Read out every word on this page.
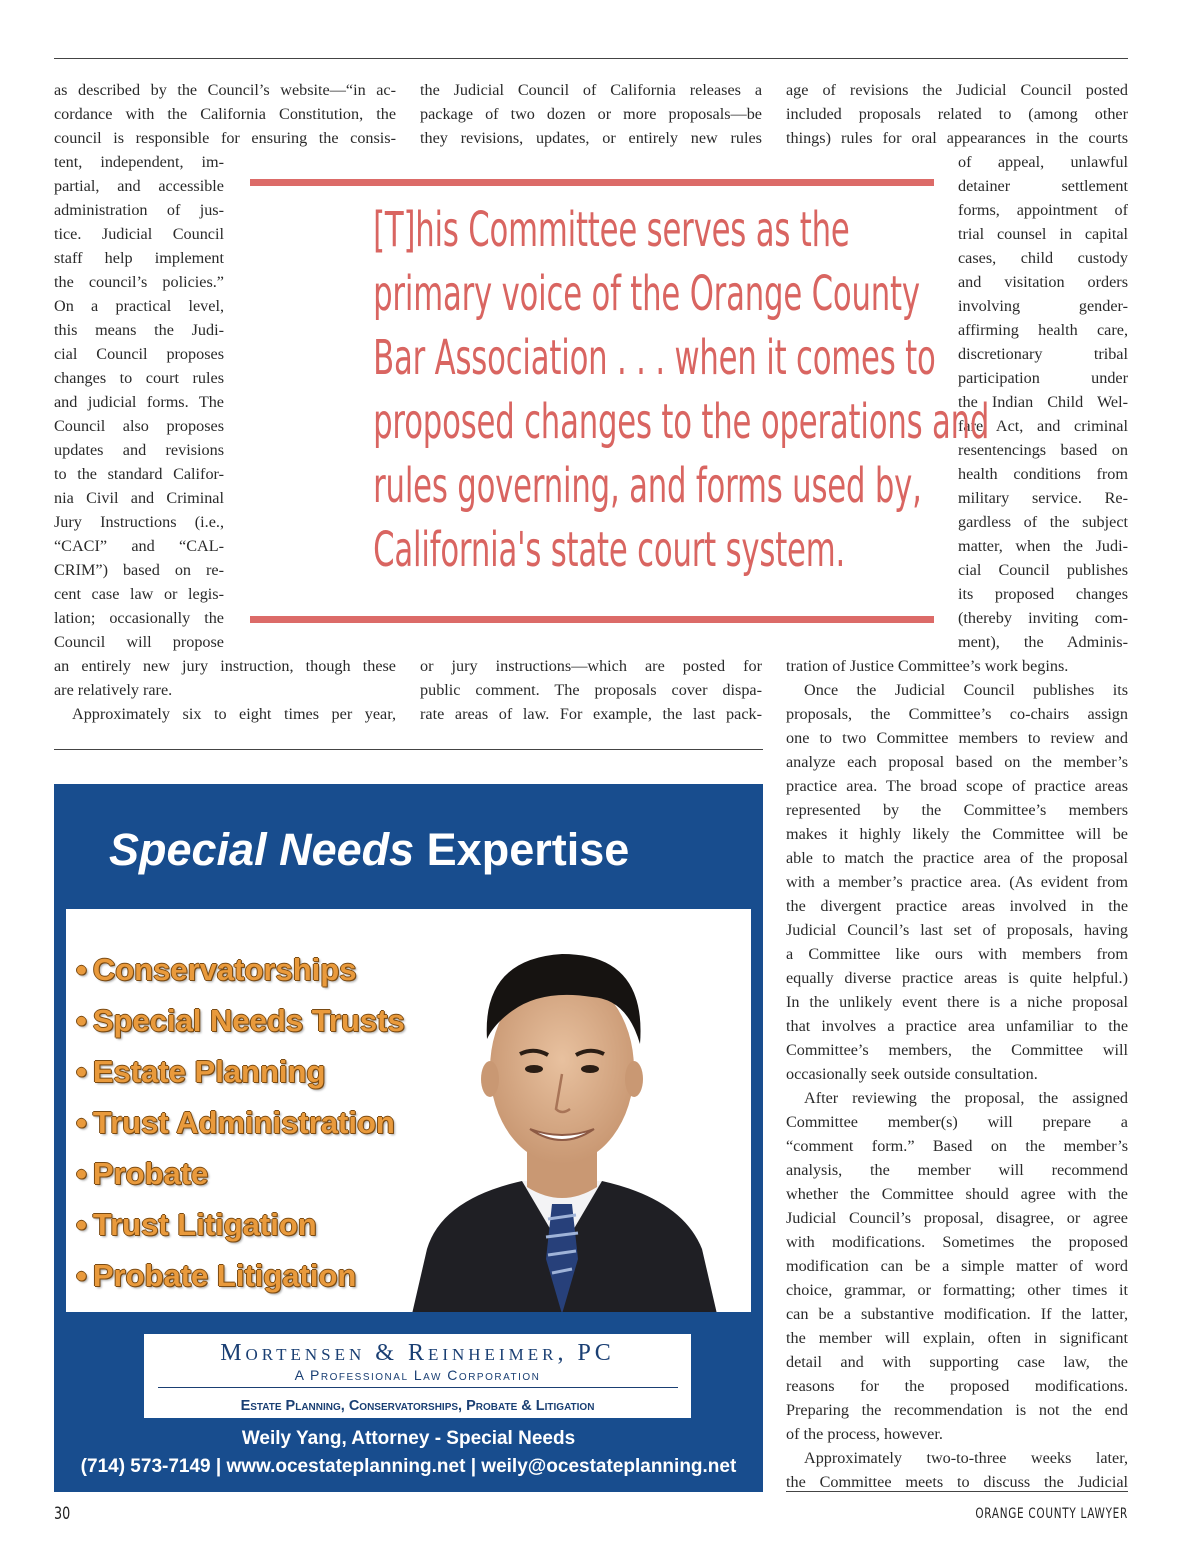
as described by the Council’s website—“in ac-
cordance with the California Constitution, the
council is responsible for ensuring the consis-
tent, independent, im-
partial, and accessible
administration of jus-
tice. Judicial Council
staff help implement
the council’s policies.”
On a practical level,
this means the Judi-
cial Council proposes
changes to court rules
and judicial forms. The
Council also proposes
updates and revisions
to the standard Califor-
nia Civil and Criminal
Jury Instructions (i.e.,
“CACI” and “CAL-
CRIM”) based on re-
cent case law or legis-
lation; occasionally the
Council will propose
an entirely new jury instruction, though these
are relatively rare.
Approximately six to eight times per year,
the Judicial Council of California releases a
package of two dozen or more proposals—be
they revisions, updates, or entirely new rules
or jury instructions—which are posted for
public comment. The proposals cover dispa-
rate areas of law. For example, the last pack-
age of revisions the Judicial Council posted
included proposals related to (among other
things) rules for oral appearances in the courts
of appeal, unlawful
detainer settlement
forms, appointment of
trial counsel in capital
cases, child custody
and visitation orders
involving gender-
affirming health care,
discretionary tribal
participation under
the Indian Child Wel-
fare Act, and criminal
resentencings based on
health conditions from
military service. Re-
gardless of the subject
matter, when the Judi-
cial Council publishes
its proposed changes
(thereby inviting com-
ment), the Adminis-
tration of Justice Committee’s work begins.
Once the Judicial Council publishes its
proposals, the Committee’s co-chairs assign
one to two Committee members to review and
analyze each proposal based on the member’s
practice area. The broad scope of practice areas
represented by the Committee’s members
makes it highly likely the Committee will be
able to match the practice area of the proposal
with a member’s practice area. (As evident from
the divergent practice areas involved in the
Judicial Council’s last set of proposals, having
a Committee like ours with members from
equally diverse practice areas is quite helpful.)
In the unlikely event there is a niche proposal
that involves a practice area unfamiliar to the
Committee’s members, the Committee will
occasionally seek outside consultation.
After reviewing the proposal, the assigned
Committee member(s) will prepare a
“comment form.” Based on the member’s
analysis, the member will recommend
whether the Committee should agree with the
Judicial Council’s proposal, disagree, or agree
with modifications. Sometimes the proposed
modification can be a simple matter of word
choice, grammar, or formatting; other times it
can be a substantive modification. If the latter,
the member will explain, often in significant
detail and with supporting case law, the
reasons for the proposed modifications.
Preparing the recommendation is not the end
of the process, however.
Approximately two-to-three weeks later,
the Committee meets to discuss the Judicial
[T]his Committee serves as the
primary voice of the Orange County
Bar Association . . . when it comes to
proposed changes to the operations and
rules governing, and forms used by,
California's state court system.
Special Needs Expertise
• Conservatorships
• Special Needs Trusts
• Estate Planning
• Trust Administration
• Probate
• Trust Litigation
• Probate Litigation
Mortensen & Reinheimer, PC
A Professional Law Corporation
Estate Planning, Conservatorships, Probate & Litigation
Weily Yang, Attorney - Special Needs
(714) 573-7149 | www.ocestateplanning.net | weily@ocestateplanning.net
30	ORANGE COUNTY LAWYER
